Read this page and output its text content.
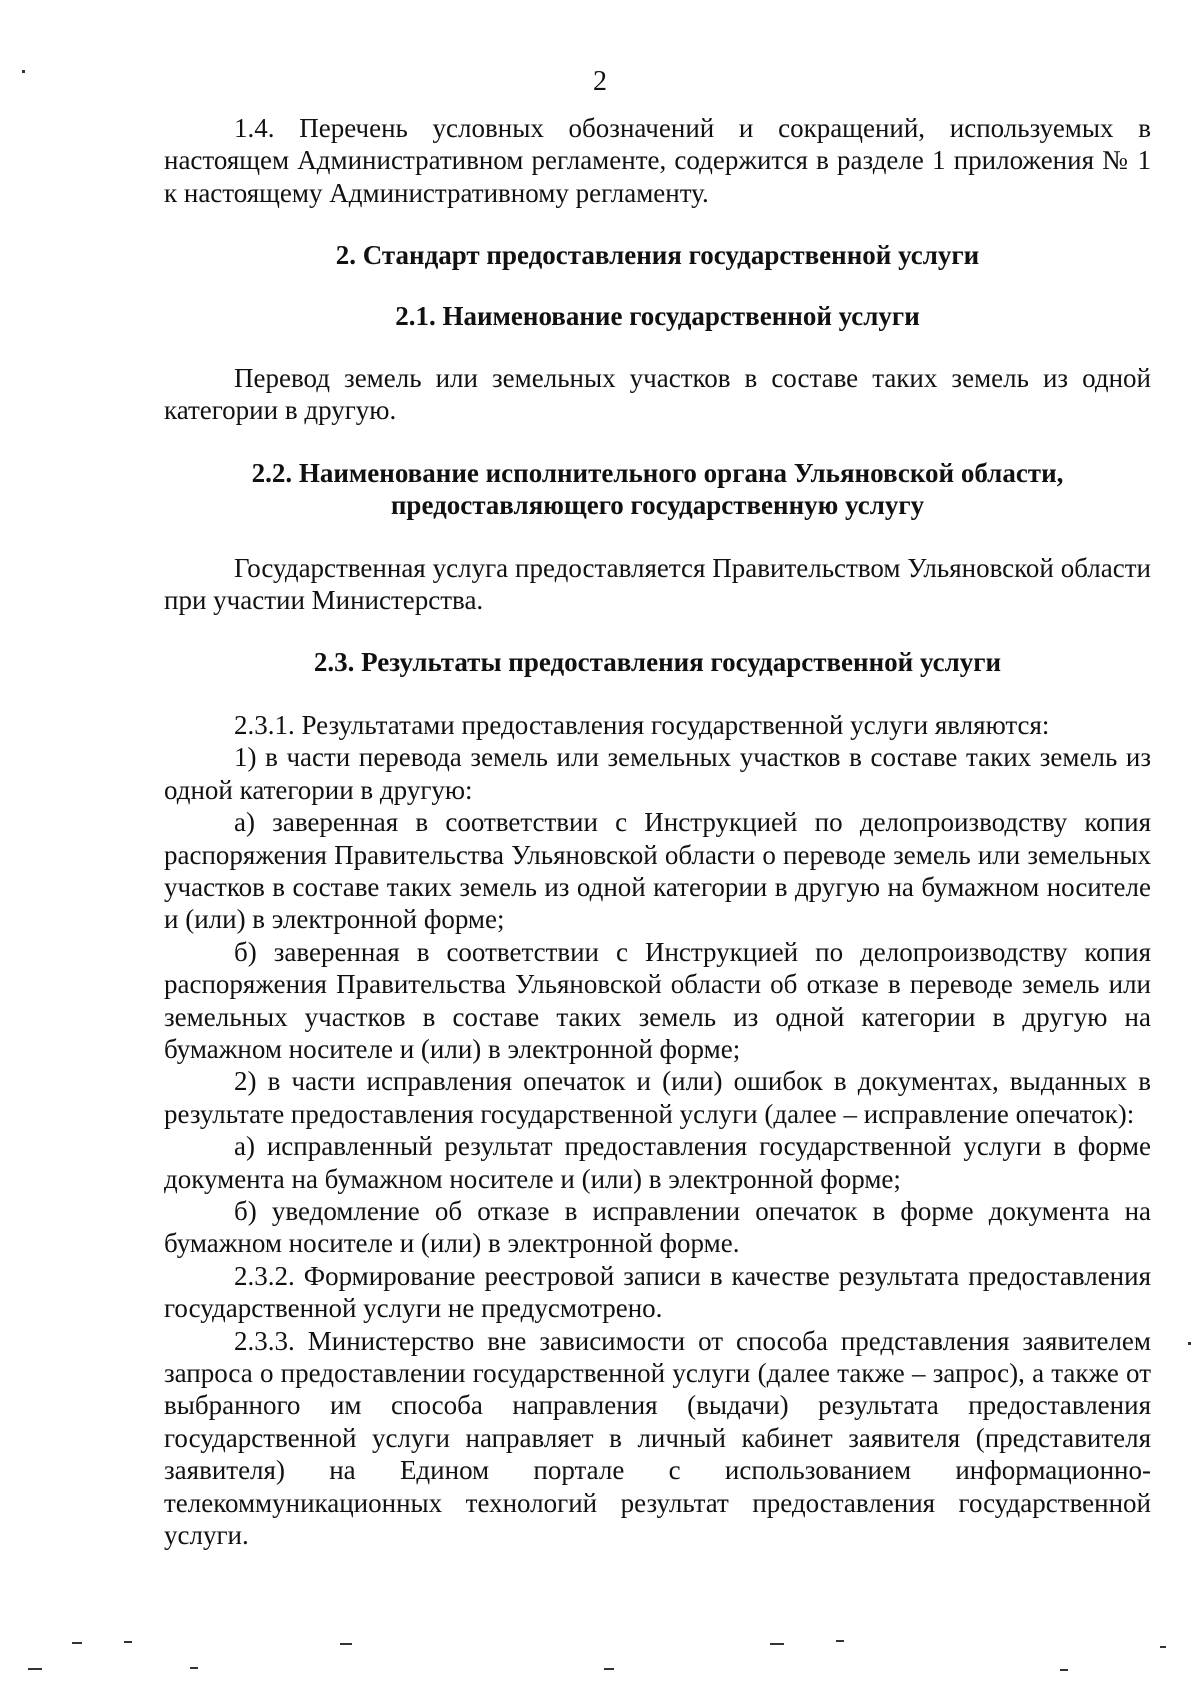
2

1.4. Перечень условных обозначений и сокращений, используемых в настоящем Административном регламенте, содержится в разделе 1 приложения № 1 к настоящему Административному регламенту.

2. Стандарт предоставления государственной услуги
2.1. Наименование государственной услуги

Перевод земель или земельных участков в составе таких земель из одной категории в другую.

2.2. Наименование исполнительного органа Ульяновской области,
предоставляющего государственную услугу

Государственная услуга предоставляется Правительством Ульяновской области при участии Министерства.

2.3. Результаты предоставления государственной услуги

2.3.1. Результатами предоставления государственной услуги являются:

1) в части перевода земель или земельных участков в составе таких земель из одной категории в другую:

а) заверенная в соответствии с Инструкцией по делопроизводству копия распоряжения Правительства Ульяновской области о переводе земель или земельных участков в составе таких земель из одной категории в другую на бумажном носителе и (или) в электронной форме;

б) заверенная в соответствии с Инструкцией по делопроизводству копия распоряжения Правительства Ульяновской области об отказе в переводе земель или земельных участков в составе таких земель из одной категории в другую на бумажном носителе и (или) в электронной форме;

2) в части исправления опечаток и (или) ошибок в документах, выданных в результате предоставления государственной услуги (далее – исправление опечаток):

а) исправленный результат предоставления государственной услуги в форме документа на бумажном носителе и (или) в электронной форме;

б) уведомление об отказе в исправлении опечаток в форме документа на бумажном носителе и (или) в электронной форме.

2.3.2. Формирование реестровой записи в качестве результата предоставления государственной услуги не предусмотрено.

2.3.3. Министерство вне зависимости от способа представления заявителем запроса о предоставлении государственной услуги (далее также – запрос), а также от выбранного им способа направления (выдачи) результата предоставления государственной услуги направляет в личный кабинет заявителя (представителя заявителя) на Едином портале с использованием информационно-телекоммуникационных технологий результат предоставления государственной услуги.
